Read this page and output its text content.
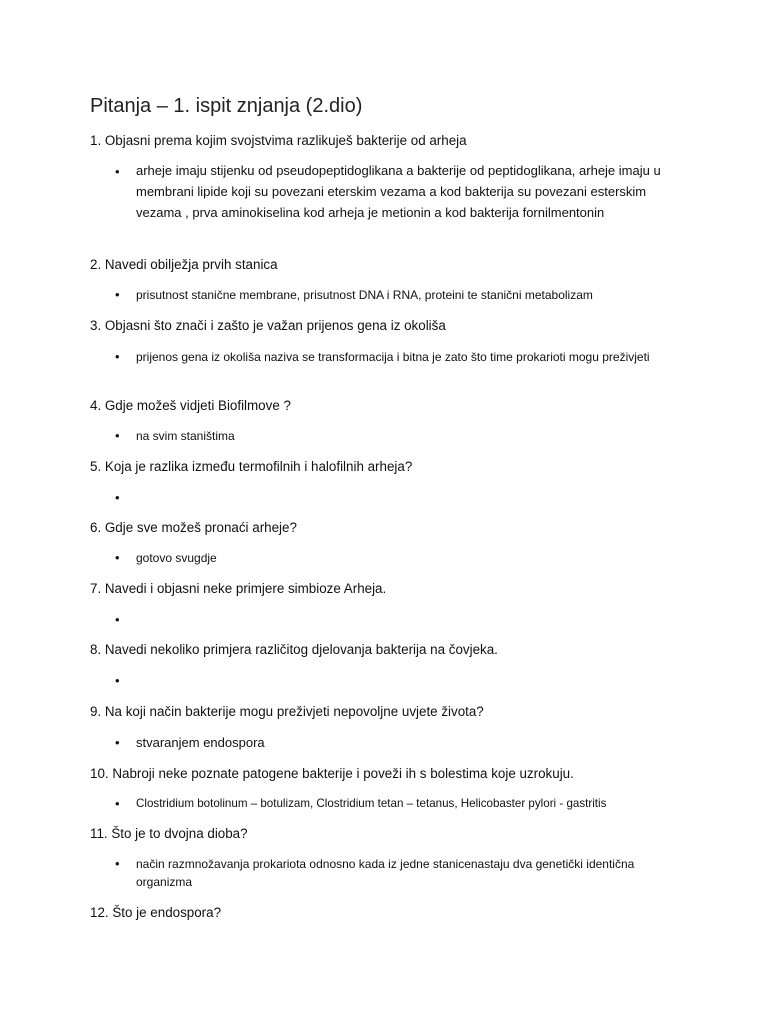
Pitanja – 1. ispit znjanja (2.dio)
1. Objasni prema kojim svojstvima razlikuješ bakterije od arheja
• arheje imaju stijenku od pseudopeptidoglikana a bakterije od peptidoglikana, arheje imaju u membrani lipide koji su povezani eterskim vezama a kod bakterija su povezani esterskim vezama , prva aminokiselina kod arheja je metionin a kod bakterija fornilmentonin
2. Navedi obilježja prvih stanica
• prisutnost stanične membrane, prisutnost DNA i RNA, proteini te stanični metabolizam
3. Objasni što znači i zašto je važan prijenos gena iz okoliša
• prijenos gena iz okoliša naziva se transformacija i bitna je zato što time prokarioti mogu preživjeti
4. Gdje možeš vidjeti Biofilmove ?
• na svim staništima
5. Koja je razlika između termofilnih i halofilnih arheja?
•
6. Gdje sve možeš pronaći arheje?
• gotovo svugdje
7. Navedi i objasni neke primjere simbioze Arheja.
•
8. Navedi nekoliko primjera različitog djelovanja bakterija na čovjeka.
•
9. Na koji način bakterije mogu preživjeti nepovoljne uvjete života?
• stvaranjem endospora
10. Nabroji neke poznate patogene bakterije i poveži ih s bolestima koje uzrokuju.
• Clostridium botolinum – botulizam, Clostridium tetan – tetanus, Helicobaster pylori - gastritis
11. Što je to dvojna dioba?
• način razmnožavanja prokariota odnosno kada iz jedne stanicenastaju dva genetički identična organizma
12. Što je endospora?
